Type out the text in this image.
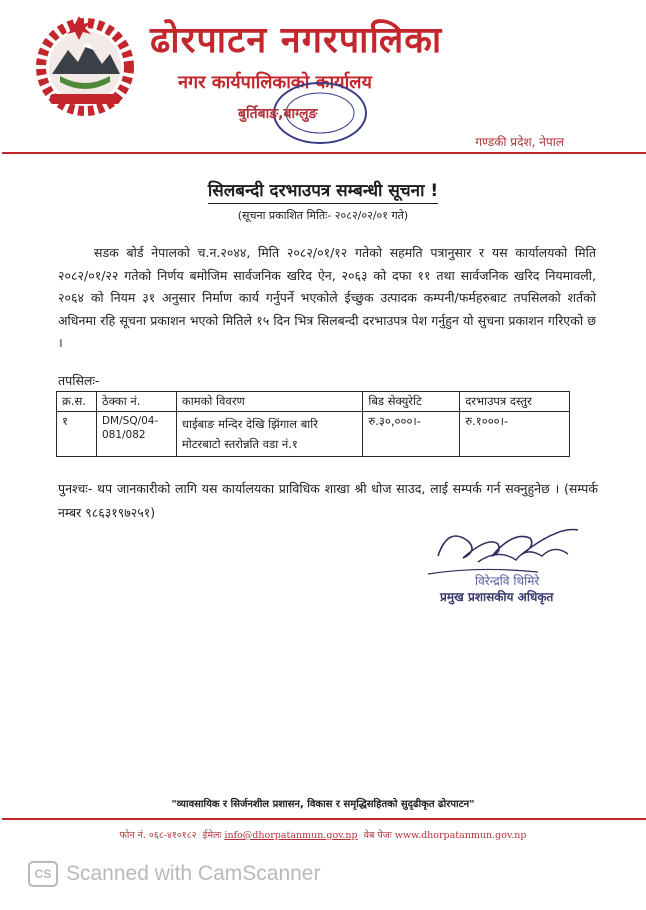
ढोरपाटन नगरपालिका
नगर कार्यपालिकाको कार्यालय
बुर्तिबाङ,बाग्लुङ
गण्डकी प्रदेश, नेपाल
सिलबन्दी दरभाउपत्र सम्बन्धी सूचना !
(सूचना प्रकाशित मितिः- २०८२/०२/०१ गते)
सडक बोर्ड नेपालको च.न.२०४४, मिति २०८२/०१/१२ गतेको सहमति पत्रानुसार र यस कार्यालयको मिति २०८२/०१/२२ गतेको निर्णय बमोजिम सार्वजनिक खरिद ऐन, २०६३ को दफा ११ तथा सार्वजनिक खरिद नियमावली, २०६४ को नियम ३१ अनुसार निर्माण कार्य गर्नुपर्ने भएकोले ईच्छुक उत्पादक कम्पनी/फर्महरुबाट तपसिलको शर्तको अधिनमा रहि सूचना प्रकाशन भएको मितिले १५ दिन भित्र सिलबन्दी दरभाउपत्र पेश गर्नुहुन यो सुचना प्रकाशन गरिएको छ ।
तपसिलः-
क्र.स.	ठेक्का नं.	कामको विवरण	बिड सेक्युरेटि	दरभाउपत्र दस्तुर
१	DM/SQ/04-081/082	धाईबाङ मन्दिर देखि झिंगाल बारि मोटरबाटो स्तरोन्नति वडा नं.१	रु.३०,०००।-	रु.१०००।-
पुनश्चः- थप जानकारीको लागि यस कार्यालयका प्राविधिक शाखा श्री धोज साउद, लाई सम्पर्क गर्न सक्नुहुनेछ । (सम्पर्क नम्बर ९८६३१९७२५१)
विरेन्द्रवि थिमिरे
प्रमुख प्रशासकीय अधिकृत
"व्यावसायिक र सिर्जनशील प्रशासन, विकास र समृद्धिसहितको सुदृढीकृत ढोरपाटन"
फोन नं. ०६८-४१०१८२ ईमेलः info@dhorpatanmun.gov.np वेब पेजः www.dhorpatanmun.gov.np
CS Scanned with CamScanner
